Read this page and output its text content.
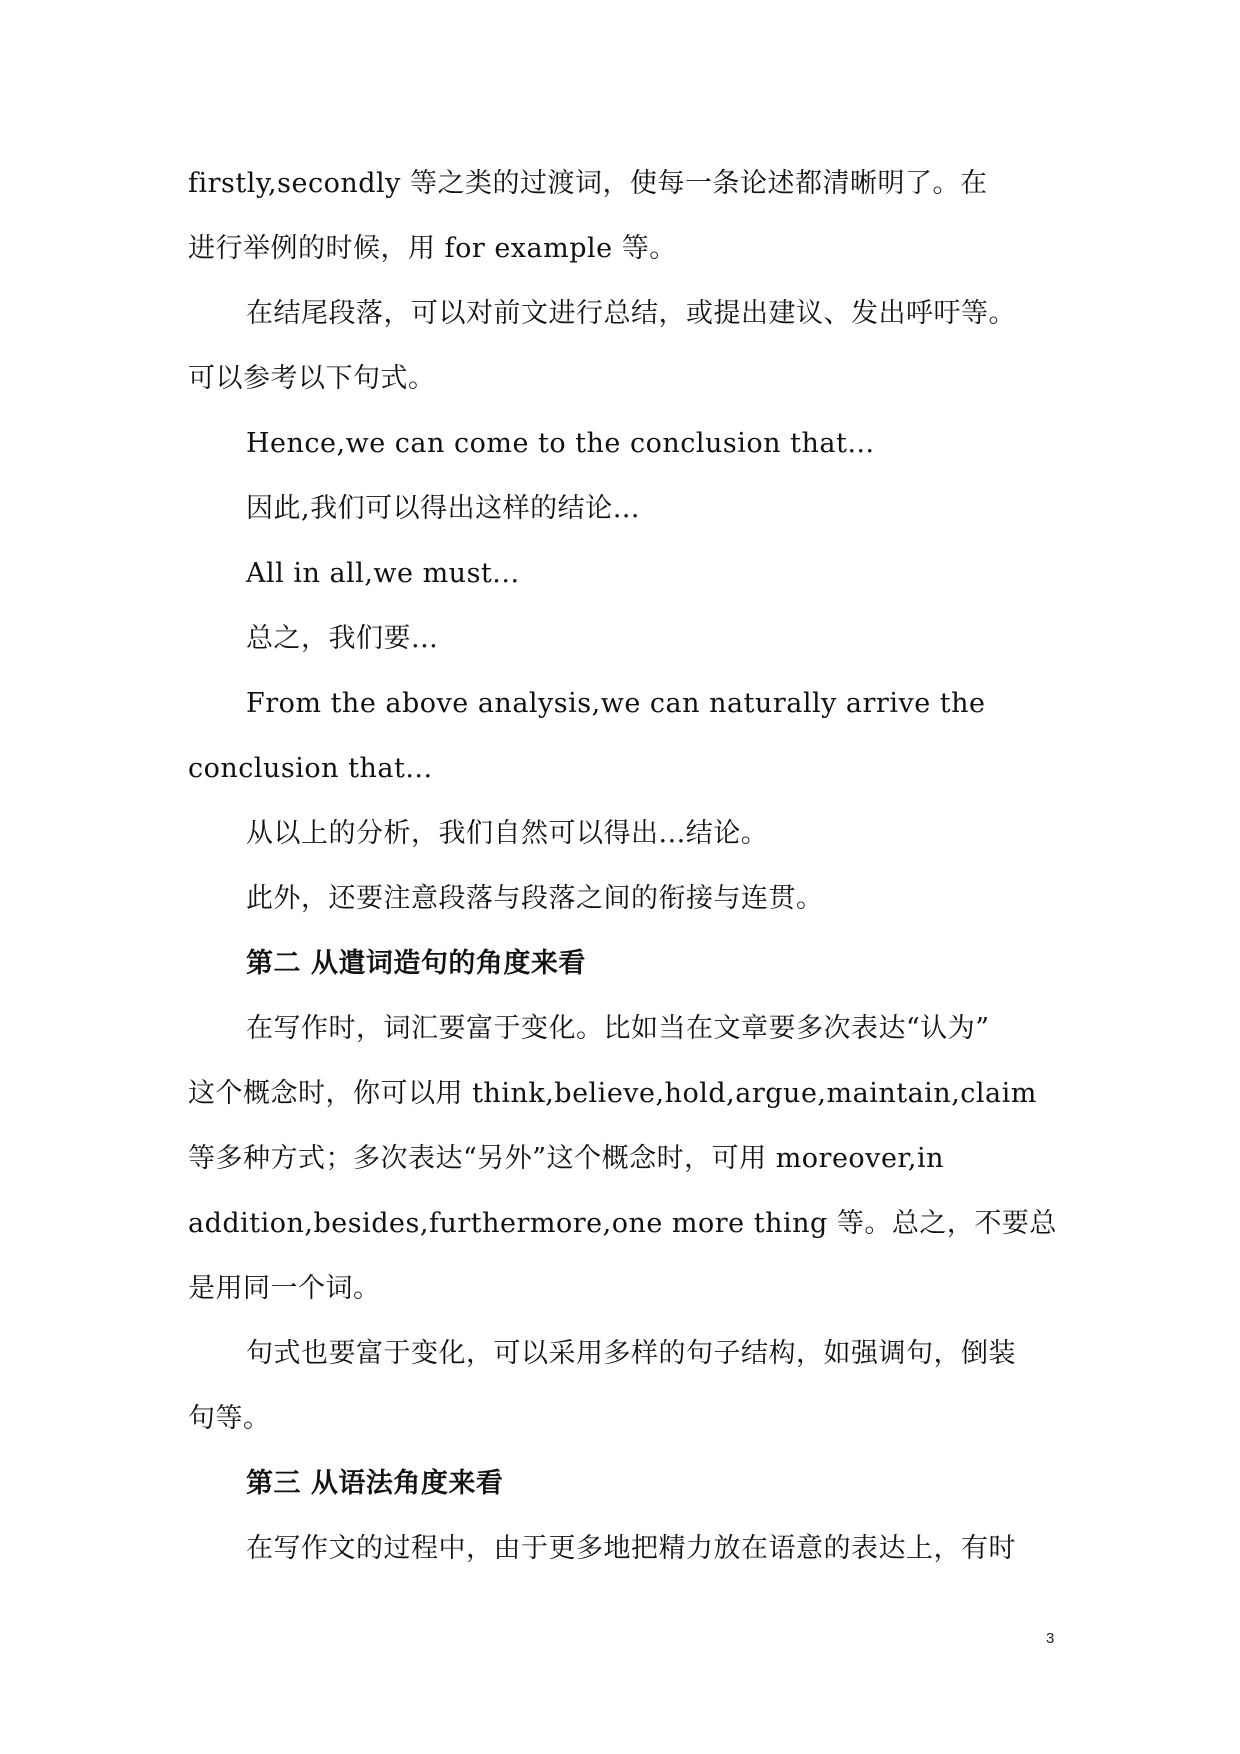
firstly,secondly 等之类的过渡词，使每一条论述都清晰明了。在
进行举例的时候，用 for example 等。
在结尾段落，可以对前文进行总结，或提出建议、发出呼吁等。
可以参考以下句式。
Hence,we can come to the conclusion that…
因此,我们可以得出这样的结论…
All in all,we must...
总之，我们要...
From the above analysis,we can naturally arrive the
conclusion that...
从以上的分析，我们自然可以得出...结论。
此外，还要注意段落与段落之间的衔接与连贯。
第二 从遣词造句的角度来看
在写作时，词汇要富于变化。比如当在文章要多次表达“认为”
这个概念时，你可以用 think,believe,hold,argue,maintain,claim
等多种方式；多次表达“另外”这个概念时，可用 moreover,in
addition,besides,furthermore,one more thing 等。总之，不要总
是用同一个词。
句式也要富于变化，可以采用多样的句子结构，如强调句，倒装
句等。
第三 从语法角度来看
在写作文的过程中，由于更多地把精力放在语意的表达上，有时
3
